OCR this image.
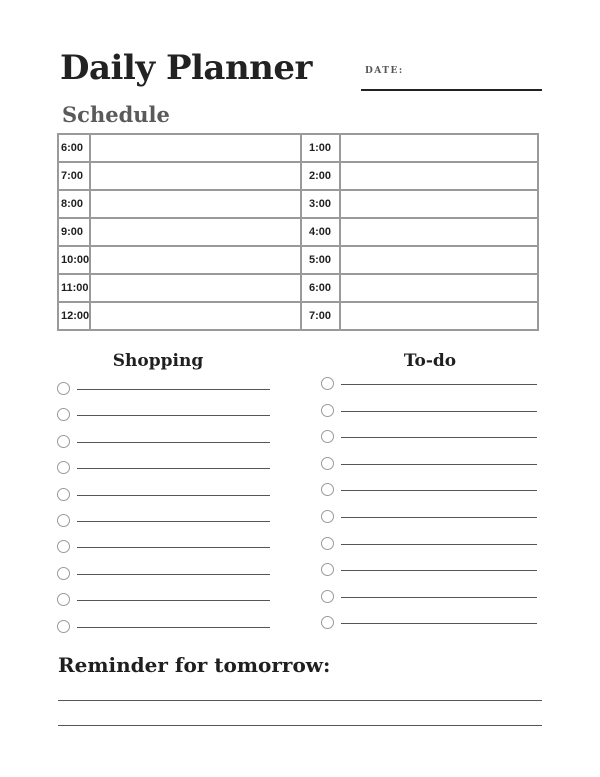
Daily Planner	DATE:
Schedule
6:00	1:00
7:00	2:00
8:00	3:00
9:00	4:00
10:00	5:00
11:00	6:00
12:00	7:00
Shopping	To-do
Reminder for tomorrow:
